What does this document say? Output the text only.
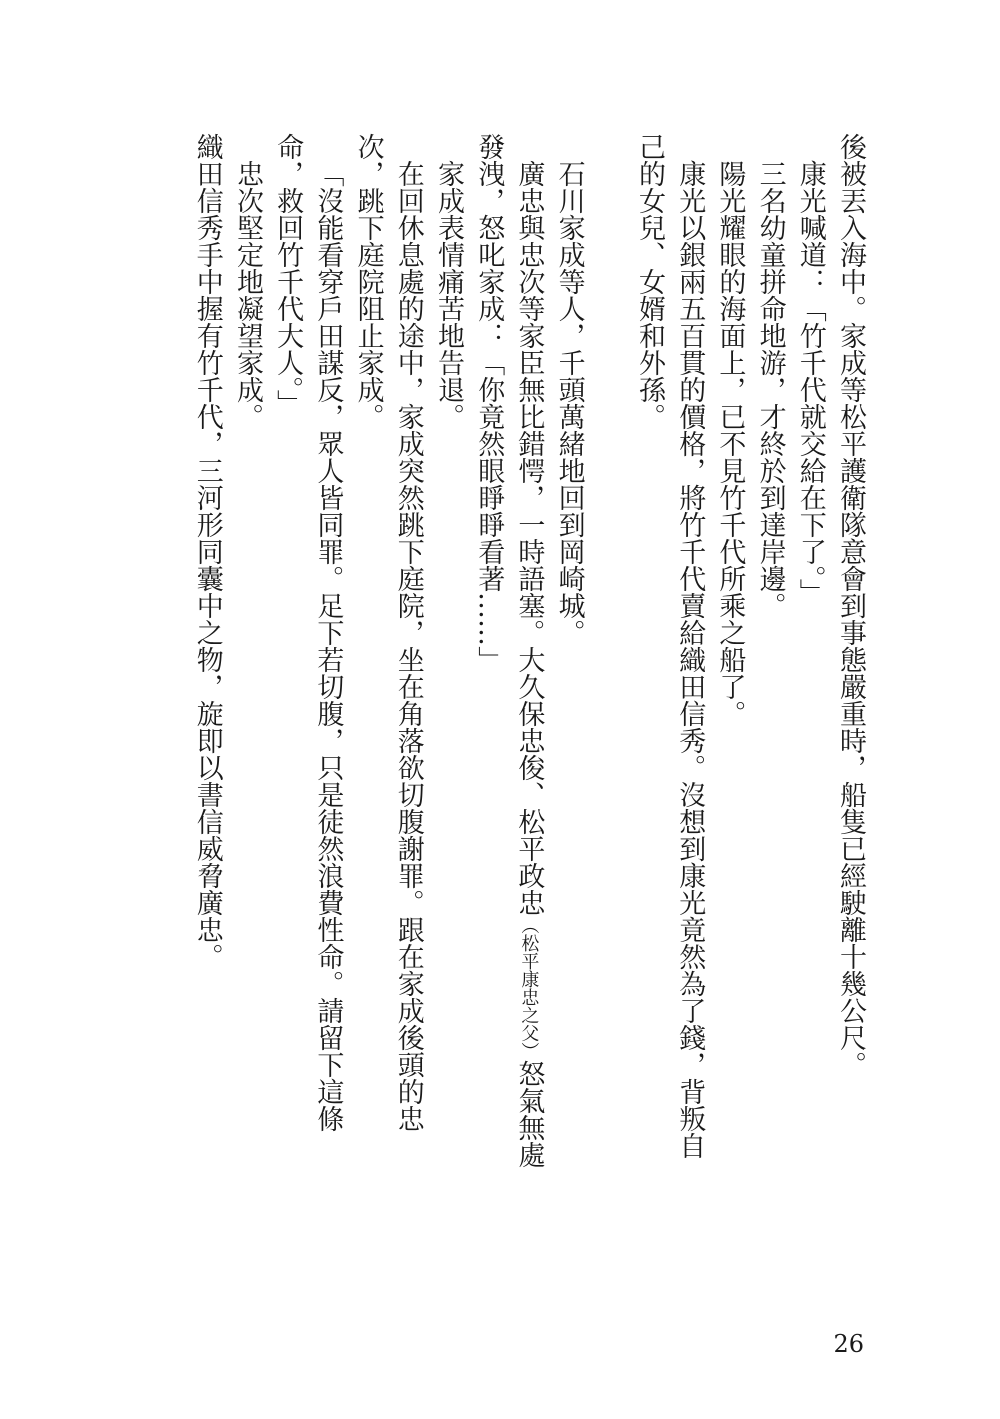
後被丟入海中。家成等松平護衛隊意會到事態嚴重時，船隻已經駛離十幾公尺。

康光喊道：「竹千代就交給在下了。」

三名幼童拼命地游，才終於到達岸邊。

陽光耀眼的海面上，已不見竹千代所乘之船了。

康光以銀兩五百貫的價格，將竹千代賣給織田信秀。沒想到康光竟然為了錢，背叛自己的女兒、女婿和外孫。

石川家成等人，千頭萬緒地回到岡崎城。

廣忠與忠次等家臣無比錯愕，一時語塞。大久保忠俊、松平政忠（松平康忠之父）怒氣無處發洩，怒叱家成：「你竟然眼睜睜看著……」

家成表情痛苦地告退。

在回休息處的途中，家成突然跳下庭院，坐在角落欲切腹謝罪。跟在家成後頭的忠次，跳下庭院阻止家成。

「沒能看穿戶田謀反，眾人皆同罪。足下若切腹，只是徒然浪費性命。請留下這條命，救回竹千代大人。」

忠次堅定地凝望家成。

織田信秀手中握有竹千代，三河形同囊中之物，旋即以書信威脅廣忠。

26
